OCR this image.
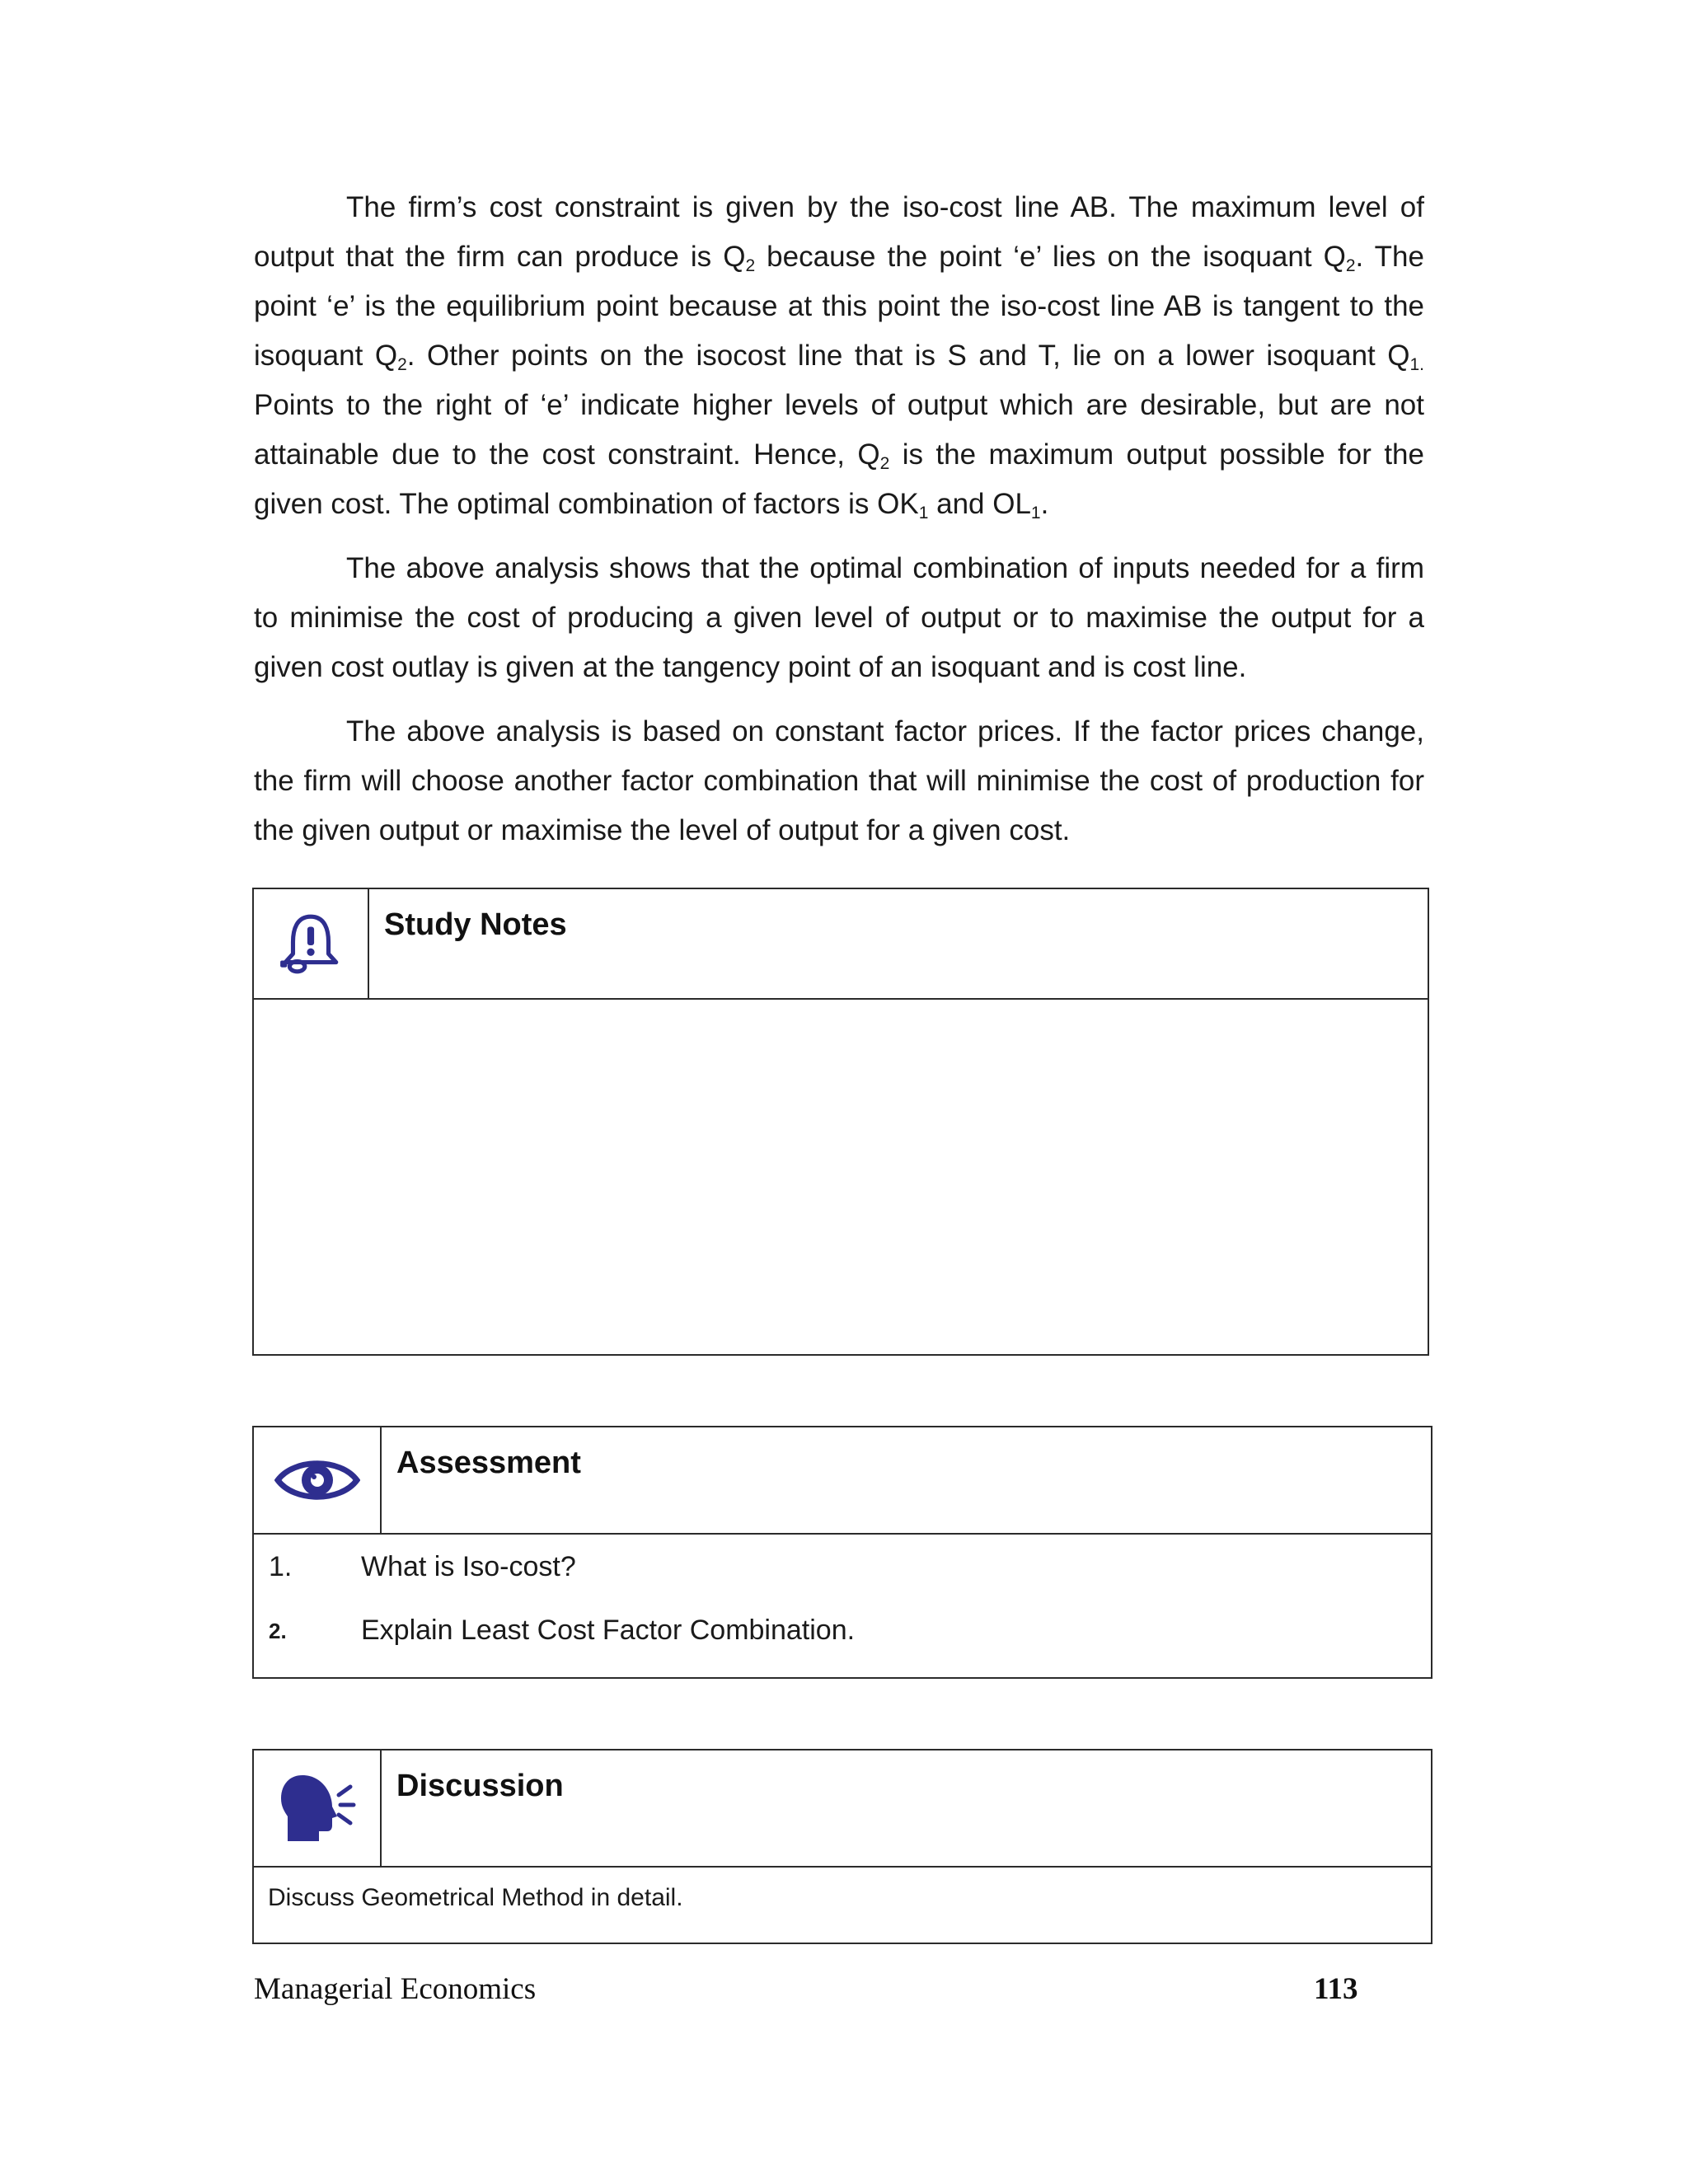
The firm’s cost constraint is given by the iso-cost line AB. The maximum level of output that the firm can produce is $Q_2$ because the point ‘e’ lies on the isoquant $Q_2$. The point ‘e’ is the equilibrium point because at this point the iso-cost line AB is tangent to the isoquant $Q_2$. Other points on the isocost line that is S and T, lie on a lower isoquant $Q_{1.}$ Points to the right of ‘e’ indicate higher levels of output which are desirable, but are not attainable due to the cost constraint. Hence, $Q_2$ is the maximum output possible for the given cost. The optimal combination of factors is $OK_1$ and $OL_1$.

The above analysis shows that the optimal combination of inputs needed for a firm to minimise the cost of producing a given level of output or to maximise the output for a given cost outlay is given at the tangency point of an isoquant and is cost line.

The above analysis is based on constant factor prices. If the factor prices change, the firm will choose another factor combination that will minimise the cost of production for the given output or maximise the level of output for a given cost.

Study Notes
Assessment
1. What is Iso-cost?
2.	Explain Least Cost Factor Combination.
Discussion
Discuss Geometrical Method in detail.
Managerial Economics	113
